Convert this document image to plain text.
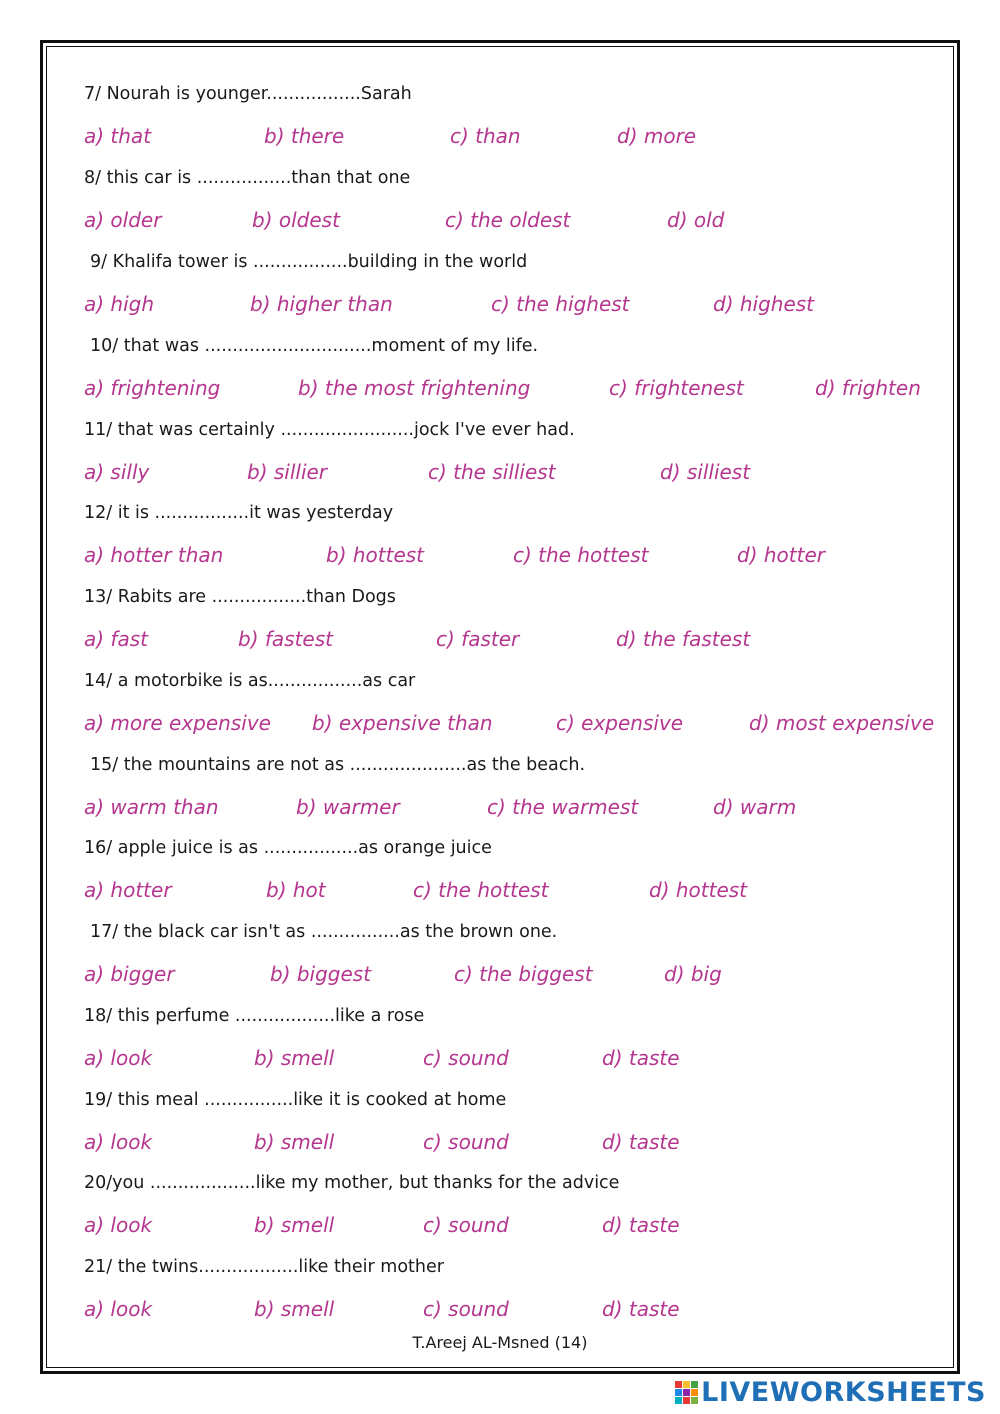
7/ Nourah is younger.................Sarah
a) that	b) there	c) than	d) more
8/ this car is .................than that one
a) older	b) oldest	c) the oldest	d) old
9/ Khalifa tower is .................building in the world
a) high	b) higher than	c) the highest	d) highest
10/ that was ..............................moment of my life.
a) frightening	b) the most frightening	c) frightenest	d) frighten
11/ that was certainly ........................jock I've ever had.
a) silly	b) sillier	c) the silliest	d) silliest
12/ it is .................it was yesterday
a) hotter than	b) hottest	c) the hottest	d) hotter
13/ Rabits are .................than Dogs
a) fast	b) fastest	c) faster	d) the fastest
14/ a motorbike is as.................as car
a) more expensive b) expensive than	c) expensive	d) most expensive
15/ the mountains are not as .....................as the beach.
a) warm than	b) warmer	c) the warmest	d) warm
16/ apple juice is as .................as orange juice
a) hotter	b) hot	c) the hottest	d) hottest
17/ the black car isn't as ................as the brown one.
a) bigger	b) biggest	c) the biggest	d) big
18/ this perfume ..................like a rose
a) look	b) smell	c) sound	d) taste
19/ this meal ................like it is cooked at home
a) look	b) smell	c) sound	d) taste
20/you ...................like my mother, but thanks for the advice
a) look	b) smell	c) sound	d) taste
21/ the twins..................like their mother
a) look	b) smell	c) sound	d) taste
T.Areej AL-Msned (14)
LIVEWORKSHEETS
